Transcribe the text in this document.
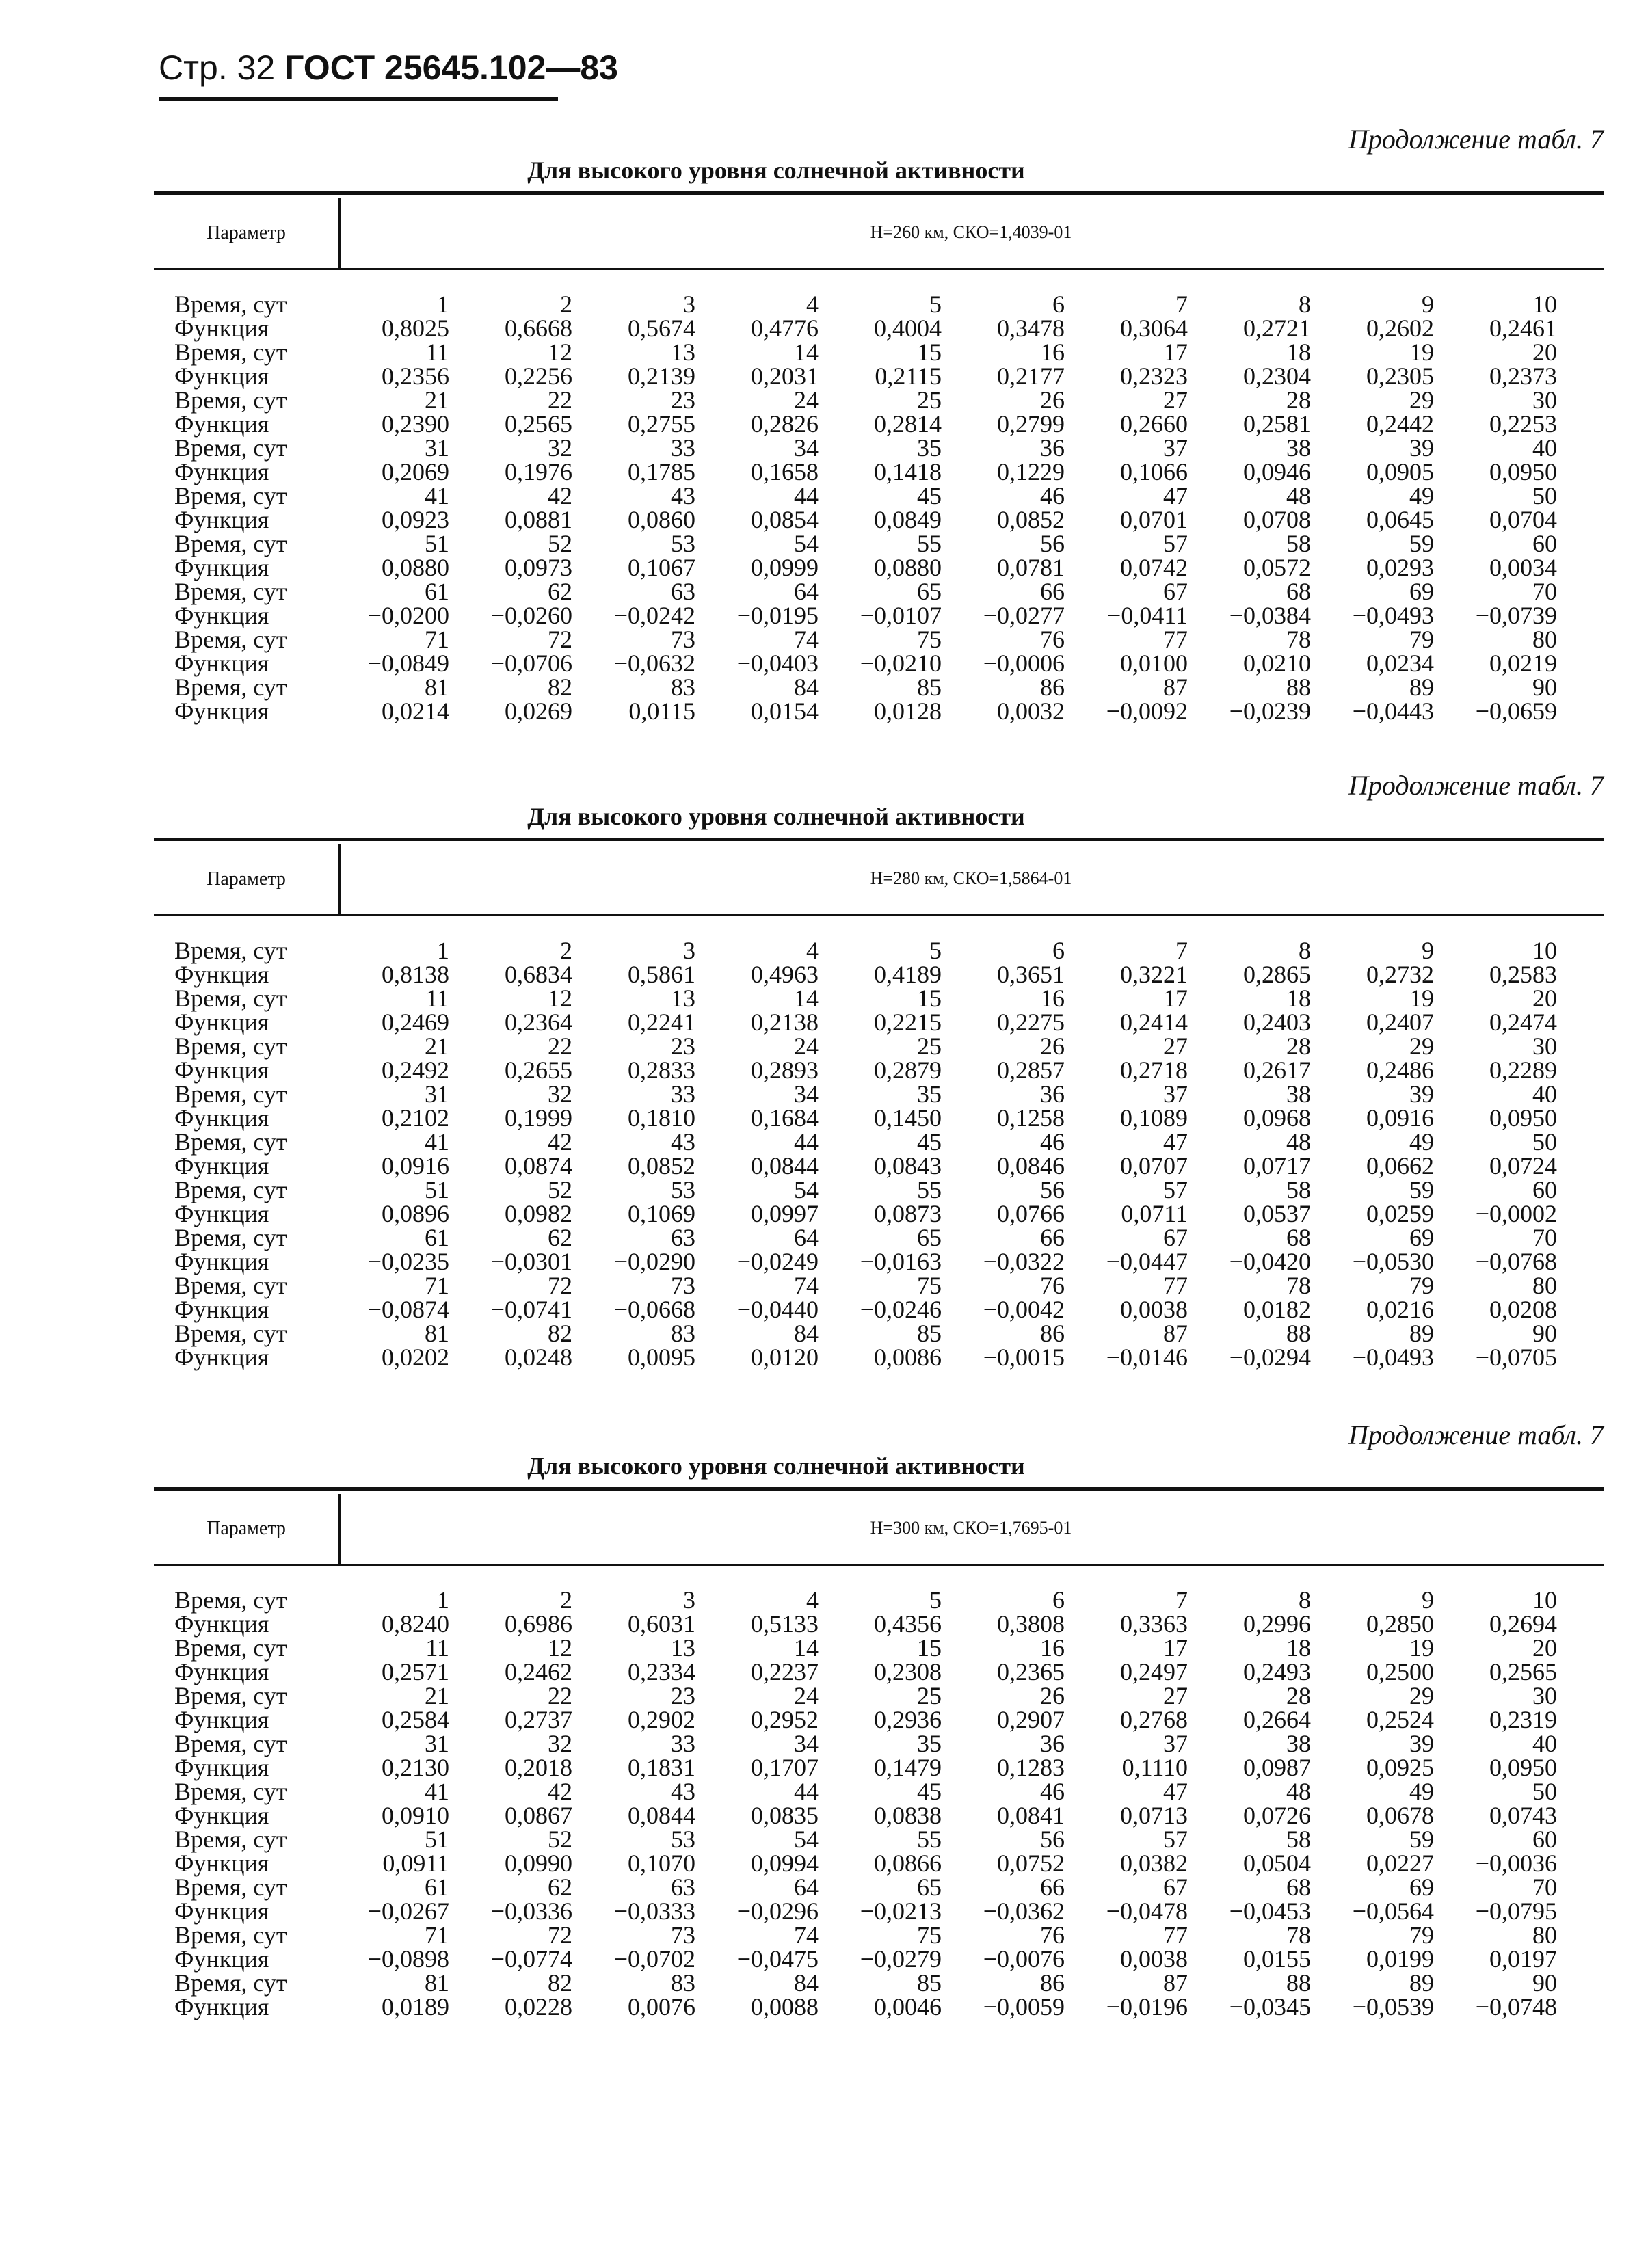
Стр. 32 ГОСТ 25645.102—83
Продолжение табл. 7
Для высокого уровня солнечной активности
Параметр	H=260 км, СКО=1,4039-01
Время, сут	1	2	3	4	5	6	7	8	9	10
Функция	0,8025	0,6668	0,5674	0,4776	0,4004	0,3478	0,3064	0,2721	0,2602	0,2461
Время, сут	11	12	13	14	15	16	17	18	19	20
Функция	0,2356	0,2256	0,2139	0,2031	0,2115	0,2177	0,2323	0,2304	0,2305	0,2373
Время, сут	21	22	23	24	25	26	27	28	29	30
Функция	0,2390	0,2565	0,2755	0,2826	0,2814	0,2799	0,2660	0,2581	0,2442	0,2253
Время, сут	31	32	33	34	35	36	37	38	39	40
Функция	0,2069	0,1976	0,1785	0,1658	0,1418	0,1229	0,1066	0,0946	0,0905	0,0950
Время, сут	41	42	43	44	45	46	47	48	49	50
Функция	0,0923	0,0881	0,0860	0,0854	0,0849	0,0852	0,0701	0,0708	0,0645	0,0704
Время, сут	51	52	53	54	55	56	57	58	59	60
Функция	0,0880	0,0973	0,1067	0,0999	0,0880	0,0781	0,0742	0,0572	0,0293	0,0034
Время, сут	61	62	63	64	65	66	67	68	69	70
Функция	−0,0200	−0,0260	−0,0242	−0,0195	−0,0107	−0,0277	−0,0411	−0,0384	−0,0493	−0,0739
Время, сут	71	72	73	74	75	76	77	78	79	80
Функция	−0,0849	−0,0706	−0,0632	−0,0403	−0,0210	−0,0006	0,0100	0,0210	0,0234	0,0219
Время, сут	81	82	83	84	85	86	87	88	89	90
Функция	0,0214	0,0269	0,0115	0,0154	0,0128	0,0032	−0,0092	−0,0239	−0,0443	−0,0659
Продолжение табл. 7
Для высокого уровня солнечной активности
Параметр	H=280 км, СКО=1,5864-01
Время, сут	1	2	3	4	5	6	7	8	9	10
Функция	0,8138	0,6834	0,5861	0,4963	0,4189	0,3651	0,3221	0,2865	0,2732	0,2583
Время, сут	11	12	13	14	15	16	17	18	19	20
Функция	0,2469	0,2364	0,2241	0,2138	0,2215	0,2275	0,2414	0,2403	0,2407	0,2474
Время, сут	21	22	23	24	25	26	27	28	29	30
Функция	0,2492	0,2655	0,2833	0,2893	0,2879	0,2857	0,2718	0,2617	0,2486	0,2289
Время, сут	31	32	33	34	35	36	37	38	39	40
Функция	0,2102	0,1999	0,1810	0,1684	0,1450	0,1258	0,1089	0,0968	0,0916	0,0950
Время, сут	41	42	43	44	45	46	47	48	49	50
Функция	0,0916	0,0874	0,0852	0,0844	0,0843	0,0846	0,0707	0,0717	0,0662	0,0724
Время, сут	51	52	53	54	55	56	57	58	59	60
Функция	0,0896	0,0982	0,1069	0,0997	0,0873	0,0766	0,0711	0,0537	0,0259	−0,0002
Время, сут	61	62	63	64	65	66	67	68	69	70
Функция	−0,0235	−0,0301	−0,0290	−0,0249	−0,0163	−0,0322	−0,0447	−0,0420	−0,0530	−0,0768
Время, сут	71	72	73	74	75	76	77	78	79	80
Функция	−0,0874	−0,0741	−0,0668	−0,0440	−0,0246	−0,0042	0,0038	0,0182	0,0216	0,0208
Время, сут	81	82	83	84	85	86	87	88	89	90
Функция	0,0202	0,0248	0,0095	0,0120	0,0086	−0,0015	−0,0146	−0,0294	−0,0493	−0,0705
Продолжение табл. 7
Для высокого уровня солнечной активности
Параметр	H=300 км, СКО=1,7695-01
Время, сут	1	2	3	4	5	6	7	8	9	10
Функция	0,8240	0,6986	0,6031	0,5133	0,4356	0,3808	0,3363	0,2996	0,2850	0,2694
Время, сут	11	12	13	14	15	16	17	18	19	20
Функция	0,2571	0,2462	0,2334	0,2237	0,2308	0,2365	0,2497	0,2493	0,2500	0,2565
Время, сут	21	22	23	24	25	26	27	28	29	30
Функция	0,2584	0,2737	0,2902	0,2952	0,2936	0,2907	0,2768	0,2664	0,2524	0,2319
Время, сут	31	32	33	34	35	36	37	38	39	40
Функция	0,2130	0,2018	0,1831	0,1707	0,1479	0,1283	0,1110	0,0987	0,0925	0,0950
Время, сут	41	42	43	44	45	46	47	48	49	50
Функция	0,0910	0,0867	0,0844	0,0835	0,0838	0,0841	0,0713	0,0726	0,0678	0,0743
Время, сут	51	52	53	54	55	56	57	58	59	60
Функция	0,0911	0,0990	0,1070	0,0994	0,0866	0,0752	0,0382	0,0504	0,0227	−0,0036
Время, сут	61	62	63	64	65	66	67	68	69	70
Функция	−0,0267	−0,0336	−0,0333	−0,0296	−0,0213	−0,0362	−0,0478	−0,0453	−0,0564	−0,0795
Время, сут	71	72	73	74	75	76	77	78	79	80
Функция	−0,0898	−0,0774	−0,0702	−0,0475	−0,0279	−0,0076	0,0038	0,0155	0,0199	0,0197
Время, сут	81	82	83	84	85	86	87	88	89	90
Функция	0,0189	0,0228	0,0076	0,0088	0,0046	−0,0059	−0,0196	−0,0345	−0,0539	−0,0748
